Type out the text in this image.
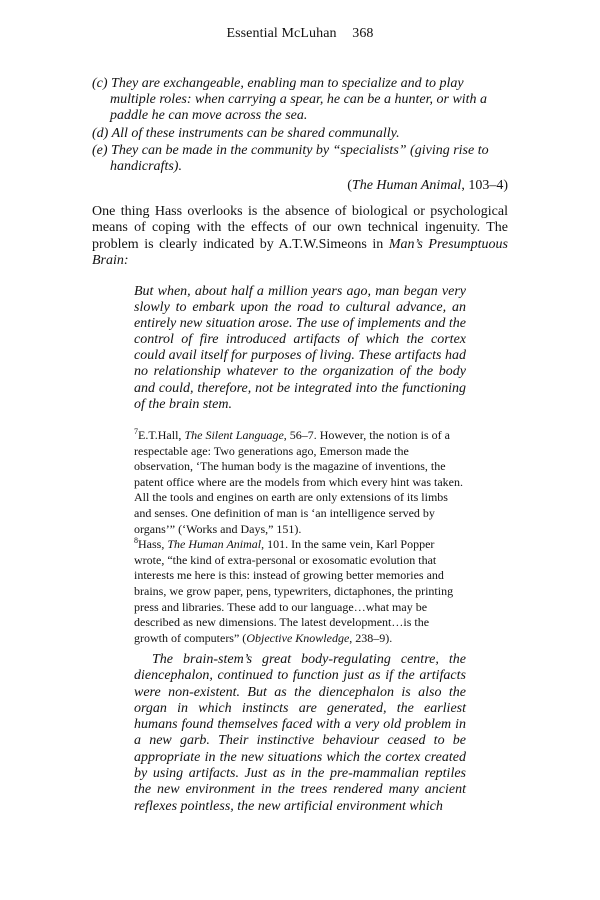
Essential McLuhan 368
(c) They are exchangeable, enabling man to specialize and to play multiple roles: when carrying a spear, he can be a hunter, or with a paddle he can move across the sea.
(d) All of these instruments can be shared communally.
(e) They can be made in the community by “specialists” (giving rise to handicrafts).
(The Human Animal, 103–4)
One thing Hass overlooks is the absence of biological or psychological means of coping with the effects of our own technical ingenuity. The problem is clearly indicated by A.T.W.Simeons in Man’s Presumptuous Brain:
But when, about half a million years ago, man began very slowly to embark upon the road to cultural advance, an entirely new situation arose. The use of implements and the control of fire introduced artifacts of which the cortex could avail itself for purposes of living. These artifacts had no relationship whatever to the organization of the body and could, therefore, not be integrated into the functioning of the brain stem.

$^7$E.T.Hall, The Silent Language, 56–7. However, the notion is of a respectable age: Two generations ago, Emerson made the observation, ‘The human body is the magazine of inventions, the patent office where are the models from which every hint was taken. All the tools and engines on earth are only extensions of its limbs and senses. One definition of man is ‘an intelligence served by organs’” (‘Works and Days,” 151).

$^8$Hass, The Human Animal, 101. In the same vein, Karl Popper wrote, “the kind of extra-personal or exosomatic evolution that interests me here is this: instead of growing better memories and brains, we grow paper, pens, typewriters, dictaphones, the printing press and libraries. These add to our language…what may be described as new dimensions. The latest development…is the growth of computers” (Objective Knowledge, 238–9).

The brain-stem’s great body-regulating centre, the diencephalon, continued to function just as if the artifacts were non-existent. But as the diencephalon is also the organ in which instincts are generated, the earliest humans found themselves faced with a very old problem in a new garb. Their instinctive behaviour ceased to be appropriate in the new situations which the cortex created by using artifacts. Just as in the pre-mammalian reptiles the new environment in the trees rendered many ancient reflexes pointless, the new artificial environment which
